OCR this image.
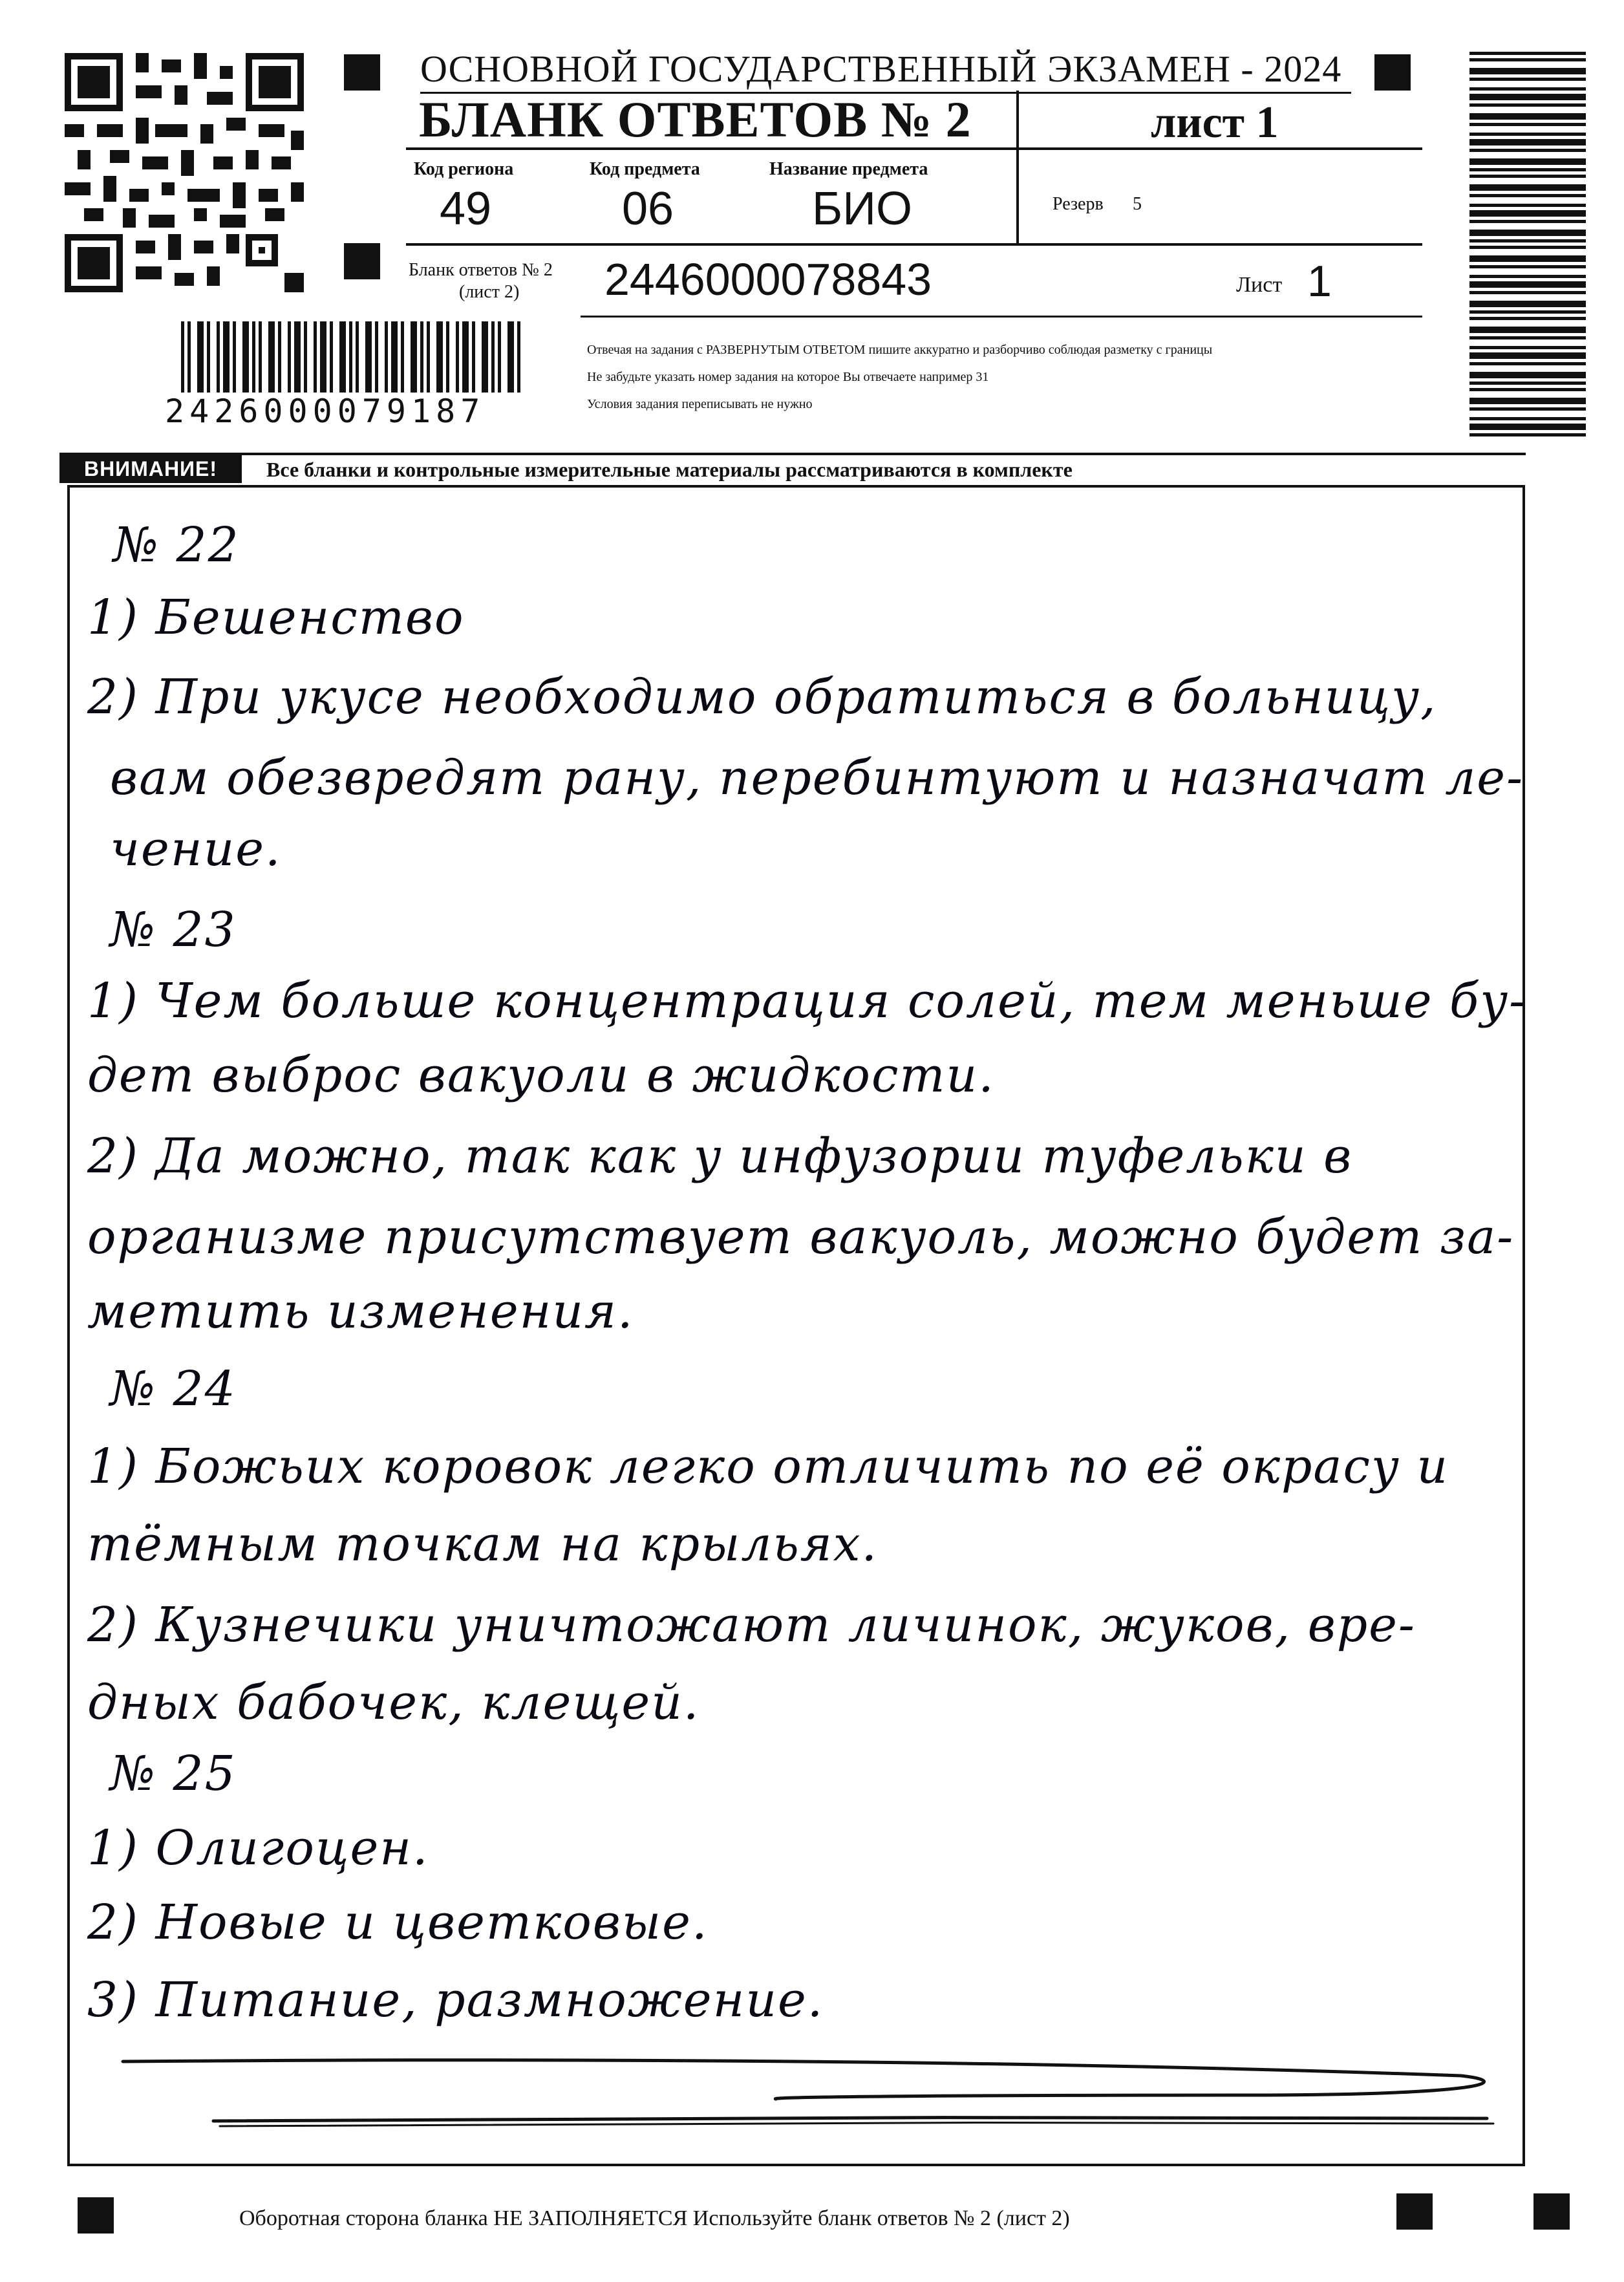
2426000079187
ОСНОВНОЙ ГОСУДАРСТВЕННЫЙ ЭКЗАМЕН - 2024
БЛАНК ОТВЕТОВ № 2	лист 1
Код региона
49
Код предмета
06
Название предмета
БИО	Резерв 5
Бланк ответов № 2
(лист 2) 2446000078843	Лист 1
Отвечая на задания с РАЗВЕРНУТЫМ ОТВЕТОМ пишите аккуратно и разборчиво соблюдая разметку с границы
Не забудьте указать номер задания на которое Вы отвечаете например 31
Условия задания переписывать не нужно
ВНИМАНИЕ!	Все бланки и контрольные измерительные материалы рассматриваются в комплекте
№ 22
1) Бешенство
2) При укусе необходимо обратиться в больницу,
вам обезвредят рану, перебинтуют и назначат ле-
чение.
№ 23
1) Чем больше концентрация солей, тем меньше бу-
дет выброс вакуоли в жидкости.
2) Да можно, так как у инфузории туфельки в
организме присутствует вакуоль, можно будет за-
метить изменения.
№ 24
1) Божьих коровок легко отличить по её окрасу и
тёмным точкам на крыльях.
2) Кузнечики уничтожают личинок, жуков, вре-
дных бабочек, клещей.
№ 25
1) Олигоцен.
2) Новые и цветковые.
3) Питание, размножение.
Оборотная сторона бланка НЕ ЗАПОЛНЯЕТСЯ Используйте бланк ответов № 2 (лист 2)
